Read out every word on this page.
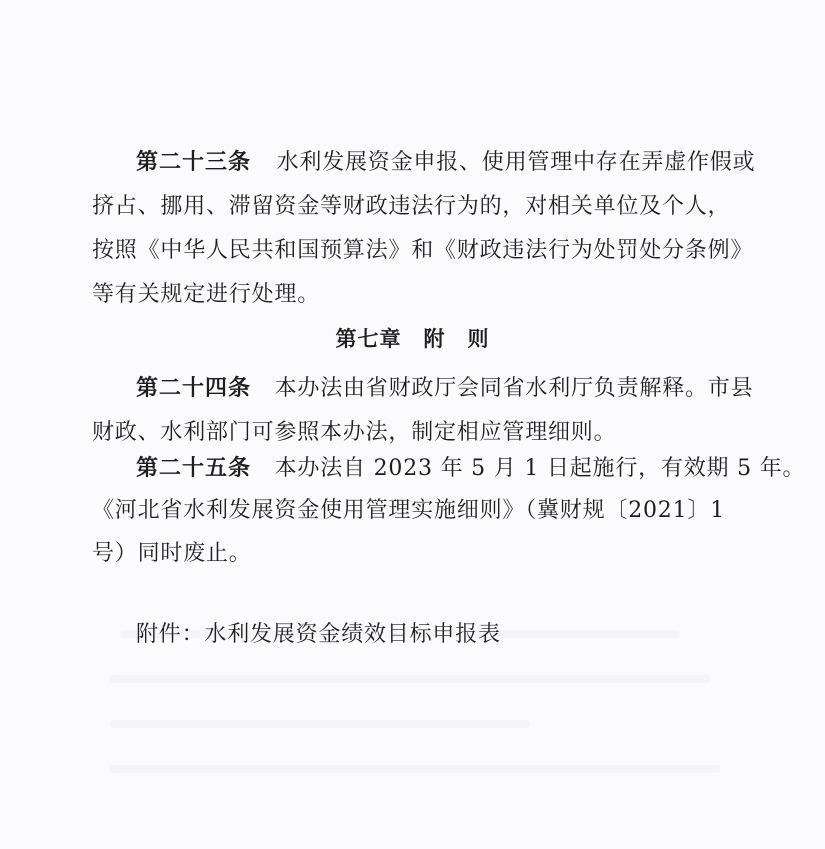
第二十三条 水利发展资金申报、使用管理中存在弄虚作假或
挤占、挪用、滞留资金等财政违法行为的，对相关单位及个人，
按照《中华人民共和国预算法》和《财政违法行为处罚处分条例》
等有关规定进行处理。
第七章 附 则
第二十四条 本办法由省财政厅会同省水利厅负责解释。市县
财政、水利部门可参照本办法，制定相应管理细则。
第二十五条 本办法自 2023 年 5 月 1 日起施行，有效期 5 年。
《河北省水利发展资金使用管理实施细则》（冀财规〔2021〕1
号）同时废止。
附件：水利发展资金绩效目标申报表
